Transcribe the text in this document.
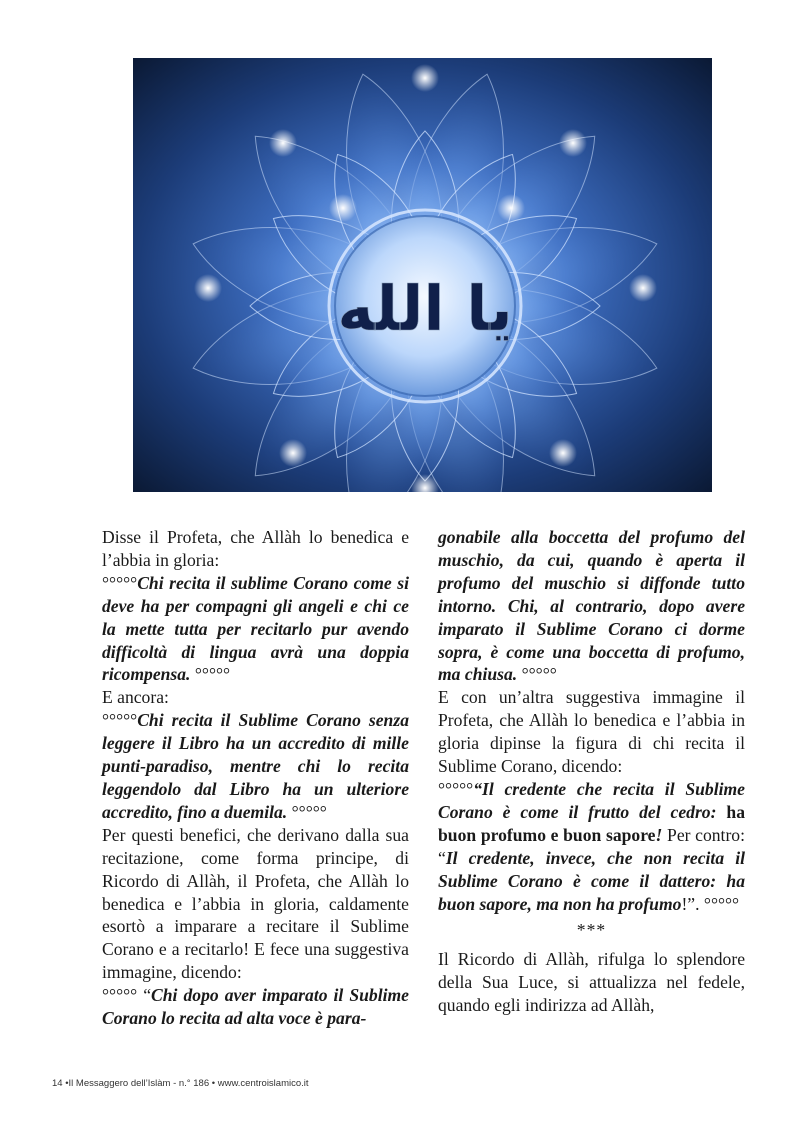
يا الله

Disse il Profeta, che Allàh lo benedica e l’abbia in gloria:

°°°°°Chi recita il sublime Corano come si deve ha per compagni gli angeli e chi ce la mette tutta per recitarlo pur avendo difficoltà di lingua avrà una doppia ricompensa. °°°°°

E ancora:

°°°°°Chi recita il Sublime Corano senza leggere il Libro ha un accredito di mille punti-paradiso, mentre chi lo recita leggendolo dal Libro ha un ulteriore accredito, fino a duemila. °°°°°

Per questi benefici, che derivano dalla sua recitazione, come forma principe, di Ricordo di Allàh, il Profeta, che Allàh lo benedica e l’abbia in gloria, caldamente esortò a imparare a recitare il Sublime Corano e a recitarlo! E fece una suggestiva immagine, dicendo:

°°°°° “Chi dopo aver imparato il Sublime Corano lo recita ad alta voce è para-

gonabile alla boccetta del profumo del muschio, da cui, quando è aperta il profumo del muschio si diffonde tutto intorno. Chi, al contrario, dopo avere imparato il Sublime Corano ci dorme sopra, è come una boccetta di profumo, ma chiusa. °°°°°

E con un’altra suggestiva immagine il Profeta, che Allàh lo benedica e l’abbia in gloria dipinse la figura di chi recita il Sublime Corano, dicendo:

°°°°°“Il credente che recita il Sublime Corano è come il frutto del cedro: ha buon profumo e buon sapore! Per contro: “Il credente, invece, che non recita il Sublime Corano è come il dattero: ha buon sapore, ma non ha profumo!”. °°°°°

***

Il Ricordo di Allàh, rifulga lo splendore della Sua Luce, si attualizza nel fedele, quando egli indirizza ad Allàh,

14 •Il Messaggero dell’Islàm - n.° 186 • www.centroislamico.it
